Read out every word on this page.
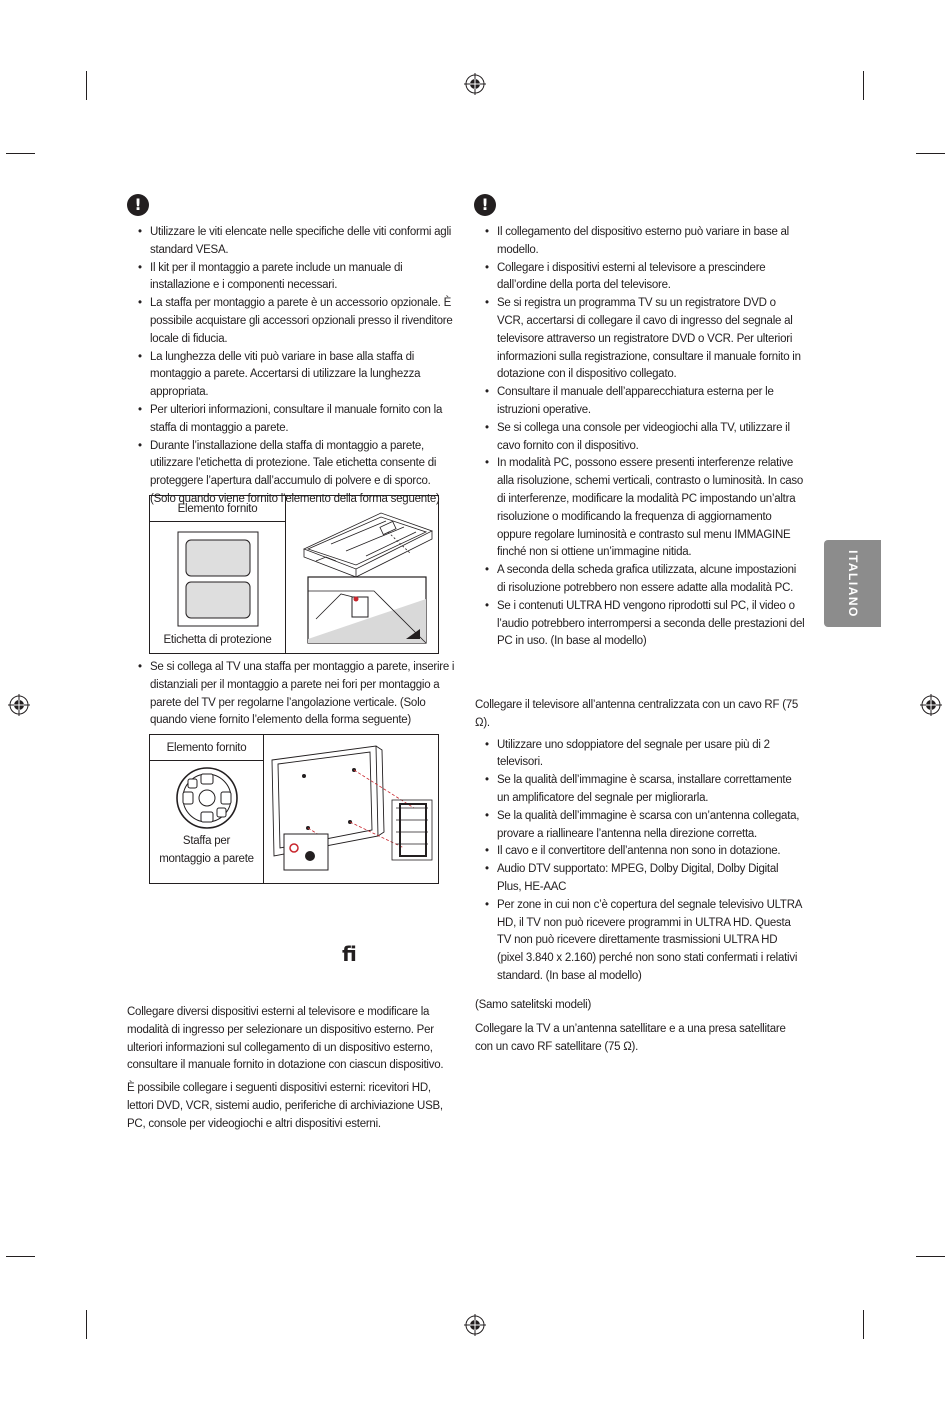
ITALIANO
!
• Utilizzare le viti elencate nelle specifiche delle viti conformi agli standard VESA.
• Il kit per il montaggio a parete include un manuale di installazione e i componenti necessari.
• La staffa per montaggio a parete è un accessorio opzionale. È possibile acquistare gli accessori opzionali presso il rivenditore locale di fiducia.
• La lunghezza delle viti può variare in base alla staffa di montaggio a parete. Accertarsi di utilizzare la lunghezza appropriata.
• Per ulteriori informazioni, consultare il manuale fornito con la staffa di montaggio a parete.
• Durante l’installazione della staffa di montaggio a parete, utilizzare l’etichetta di protezione. Tale etichetta consente di proteggere l’apertura dall’accumulo di polvere e di sporco. (Solo quando viene fornito l’elemento della forma seguente)
Elemento fornito	

Etichetta di protezione
• Se si collega al TV una staffa per montaggio a parete, inserire i distanziali per il montaggio a parete nei fori per montaggio a parete del TV per regolarne l’angolazione verticale. (Solo quando viene fornito l’elemento della forma seguente)
Elemento fornito	

Staffa per montaggio a parete
ﬁ

Collegare diversi dispositivi esterni al televisore e modificare la modalità di ingresso per selezionare un dispositivo esterno. Per ulteriori informazioni sul collegamento di un dispositivo esterno, consultare il manuale fornito in dotazione con ciascun dispositivo.

È possibile collegare i seguenti dispositivi esterni: ricevitori HD, lettori DVD, VCR, sistemi audio, periferiche di archiviazione USB, PC, console per videogiochi e altri dispositivi esterni.

!
• Il collegamento del dispositivo esterno può variare in base al modello.
• Collegare i dispositivi esterni al televisore a prescindere dall’ordine della porta del televisore.
• Se si registra un programma TV su un registratore DVD o VCR, accertarsi di collegare il cavo di ingresso del segnale al televisore attraverso un registratore DVD o VCR. Per ulteriori informazioni sulla registrazione, consultare il manuale fornito in dotazione con il dispositivo collegato.
• Consultare il manuale dell’apparecchiatura esterna per le istruzioni operative.
• Se si collega una console per videogiochi alla TV, utilizzare il cavo fornito con il dispositivo.
• In modalità PC, possono essere presenti interferenze relative alla risoluzione, schemi verticali, contrasto o luminosità. In caso di interferenze, modificare la modalità PC impostando un’altra risoluzione o modificando la frequenza di aggiornamento oppure regolare luminosità e contrasto sul menu IMMAGINE finché non si ottiene un’immagine nitida.
• A seconda della scheda grafica utilizzata, alcune impostazioni di risoluzione potrebbero non essere adatte alla modalità PC.
• Se i contenuti ULTRA HD vengono riprodotti sul PC, il video o l’audio potrebbero interrompersi a seconda delle prestazioni del PC in uso. (In base al modello)

Collegare il televisore all’antenna centralizzata con un cavo RF (75 Ω).

• Utilizzare uno sdoppiatore del segnale per usare più di 2 televisori.
• Se la qualità dell’immagine è scarsa, installare correttamente un amplificatore del segnale per migliorarla.
• Se la qualità dell’immagine è scarsa con un’antenna collegata, provare a riallineare l’antenna nella direzione corretta.
• Il cavo e il convertitore dell’antenna non sono in dotazione.
• Audio DTV supportato: MPEG, Dolby Digital, Dolby Digital Plus, HE-AAC
• Per zone in cui non c’è copertura del segnale televisivo ULTRA HD, il TV non può ricevere programmi in ULTRA HD. Questa TV non può ricevere direttamente trasmissioni ULTRA HD (pixel 3.840 x 2.160) perché non sono stati confermati i relativi standard. (In base al modello)

(Samo satelitski modeli)

Collegare la TV a un’antenna satellitare e a una presa satellitare con un cavo RF satellitare (75 Ω).
